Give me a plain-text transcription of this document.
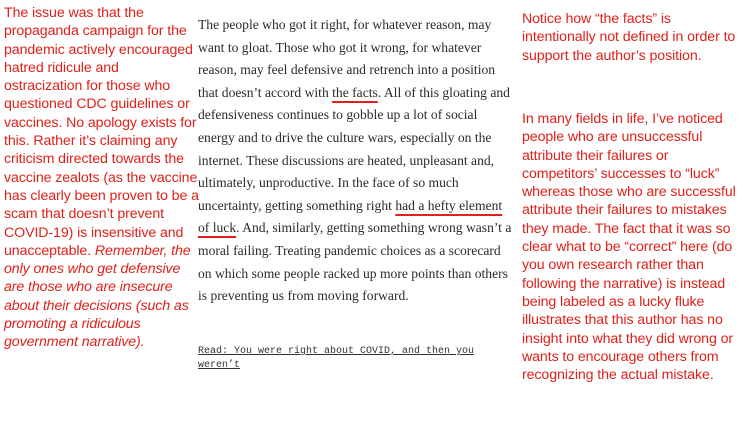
The issue was that the propaganda campaign for the pandemic actively encouraged hatred ridicule and ostracization for those who questioned CDC guidelines or vaccines. No apology exists for this. Rather it’s claiming any criticism directed towards the vaccine zealots (as the vaccine has clearly been proven to be a scam that doesn’t prevent COVID-19) is insensitive and unacceptable. Remember, the only ones who get defensive are those who are insecure about their decisions (such as promoting a ridiculous government narrative).

The people who got it right, for whatever reason, may want to gloat. Those who got it wrong, for whatever reason, may feel defensive and retrench into a position that doesn’t accord with the facts. All of this gloating and defensiveness continues to gobble up a lot of social energy and to drive the culture wars, especially on the internet. These discussions are heated, unpleasant and, ultimately, unproductive. In the face of so much uncertainty, getting something right had a hefty element of luck. And, similarly, getting something wrong wasn’t a moral failing. Treating pandemic choices as a scorecard on which some people racked up more points than others is preventing us from moving forward.

Read: You were right about COVID, and then you weren’t

Notice how “the facts” is intentionally not defined in order to support the author’s position.

In many fields in life, I’ve noticed people who are unsuccessful attribute their failures or competitors’ successes to “luck” whereas those who are successful attribute their failures to mistakes they made. The fact that it was so clear what to be “correct” here (do you own research rather than following the narrative) is instead being labeled as a lucky fluke illustrates that this author has no insight into what they did wrong or wants to encourage others from recognizing the actual mistake.
